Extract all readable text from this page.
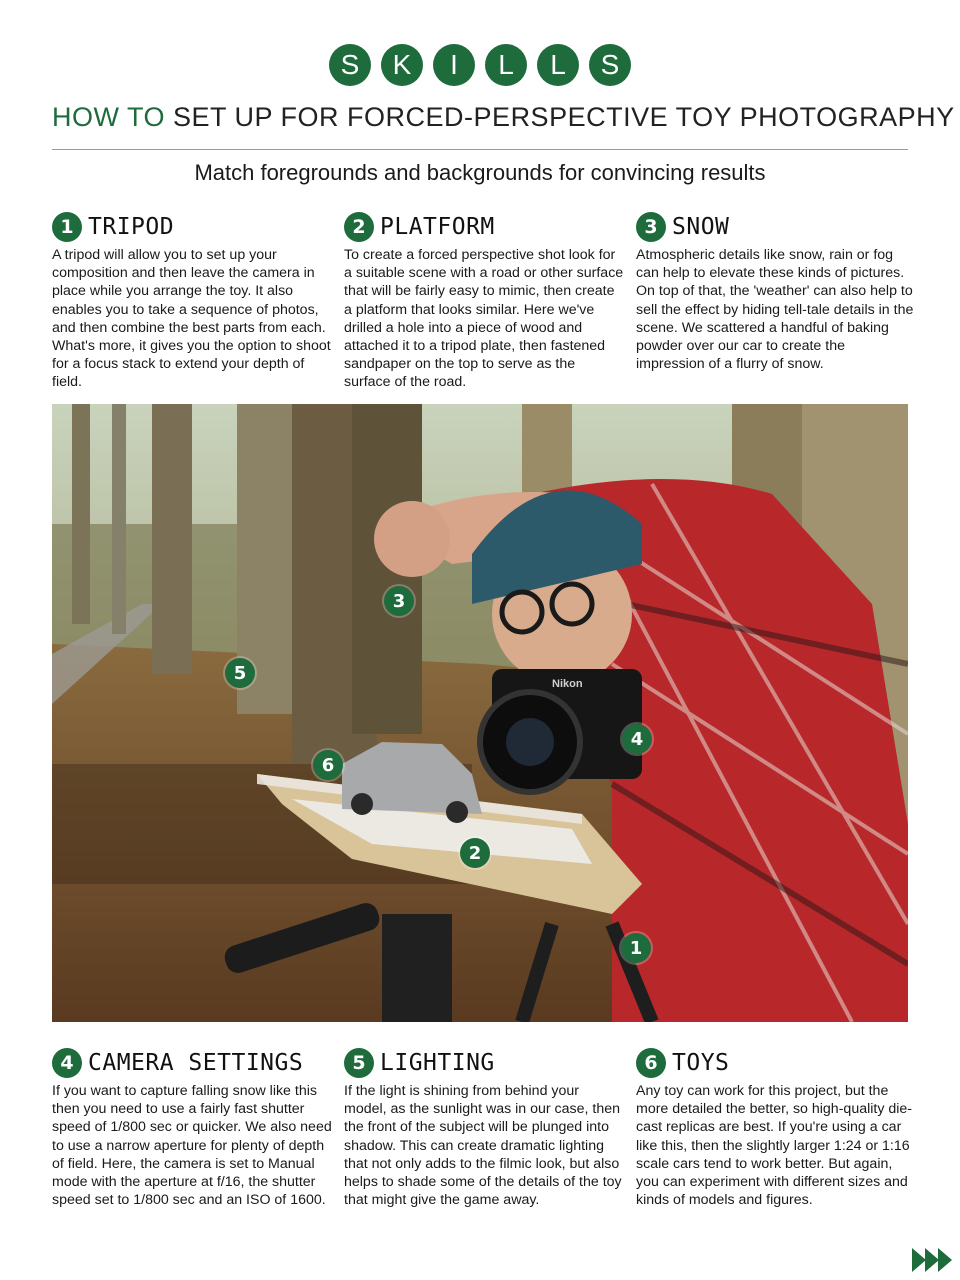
S	K	I	L	L	S
HOW TO SET UP FOR FORCED-PERSPECTIVE TOY PHOTOGRAPHY
Match foregrounds and backgrounds for convincing results
1 TRIPOD
A tripod will allow you to set up your composition and then leave the camera in place while you arrange the toy. It also enables you to take a sequence of photos, and then combine the best parts from each. What's more, it gives you the option to shoot for a focus stack to extend your depth of field.
2 PLATFORM
To create a forced perspective shot look for a suitable scene with a road or other surface that will be fairly easy to mimic, then create a platform that looks similar. Here we've drilled a hole into a piece of wood and attached it to a tripod plate, then fastened sandpaper on the top to serve as the surface of the road.
3 SNOW
Atmospheric details like snow, rain or fog can help to elevate these kinds of pictures. On top of that, the 'weather' can also help to sell the effect by hiding tell-tale details in the scene. We scattered a handful of baking powder over our car to create the impression of a flurry of snow.
Nikon
3
5
6
4
2
1
4 CAMERA SETTINGS
If you want to capture falling snow like this then you need to use a fairly fast shutter speed of 1/800 sec or quicker. We also need to use a narrow aperture for plenty of depth of field. Here, the camera is set to Manual mode with the aperture at f/16, the shutter speed set to 1/800 sec and an ISO of 1600.
5 LIGHTING
If the light is shining from behind your model, as the sunlight was in our case, then the front of the subject will be plunged into shadow. This can create dramatic lighting that not only adds to the filmic look, but also helps to shade some of the details of the toy that might give the game away.
6 TOYS
Any toy can work for this project, but the more detailed the better, so high-quality die-cast replicas are best. If you're using a car like this, then the slightly larger 1:24 or 1:16 scale cars tend to work better. But again, you can experiment with different sizes and kinds of models and figures.
